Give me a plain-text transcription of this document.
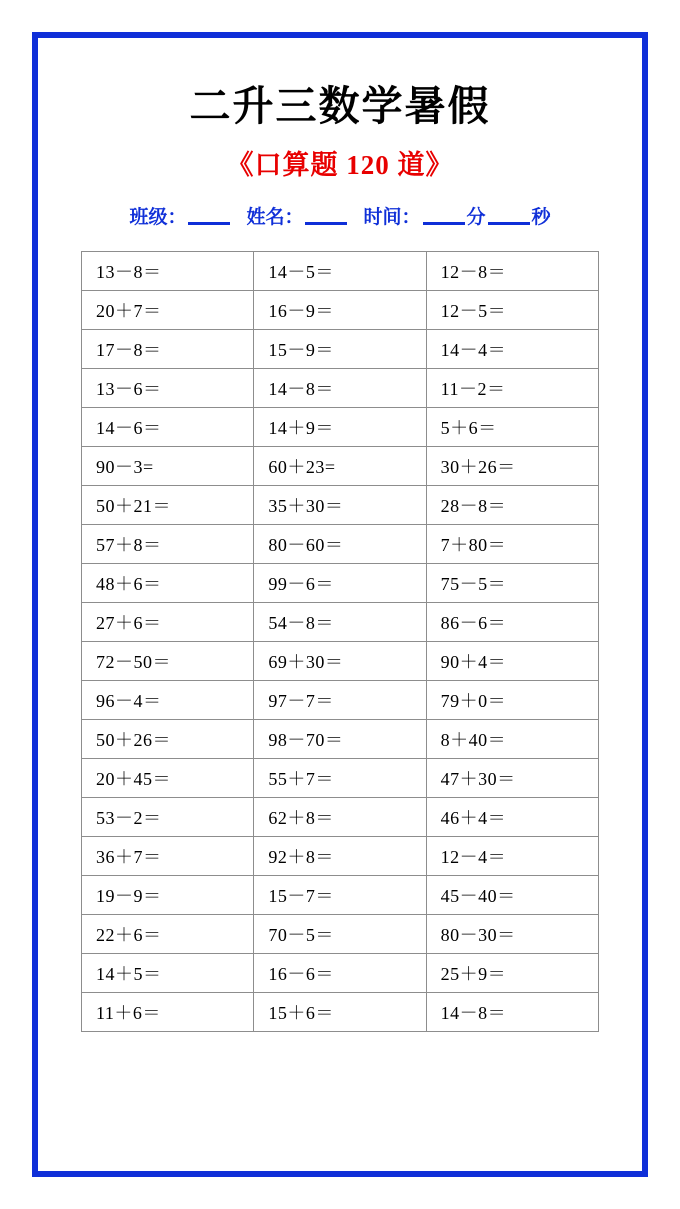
二升三数学暑假
《口算题 120 道》
班级：	姓名：	时间： 分 秒
13－8＝	14－5＝	12－8＝
20＋7＝	16－9＝	12－5＝
17－8＝	15－9＝	14－4＝
13－6＝	14－8＝	11－2＝
14－6＝	14＋9＝	5＋6＝
90－3=	60＋23=	30＋26＝
50＋21＝	35＋30＝	28－8＝
57＋8＝	80－60＝	7＋80＝
48＋6＝	99－6＝	75－5＝
27＋6＝	54－8＝	86－6＝
72－50＝	69＋30＝	90＋4＝
96－4＝	97－7＝	79＋0＝
50＋26＝	98－70＝	8＋40＝
20＋45＝	55＋7＝	47＋30＝
53－2＝	62＋8＝	46＋4＝
36＋7＝	92＋8＝	12－4＝
19－9＝	15－7＝	45－40＝
22＋6＝	70－5＝	80－30＝
14＋5＝	16－6＝	25＋9＝
11＋6＝	15＋6＝	14－8＝
